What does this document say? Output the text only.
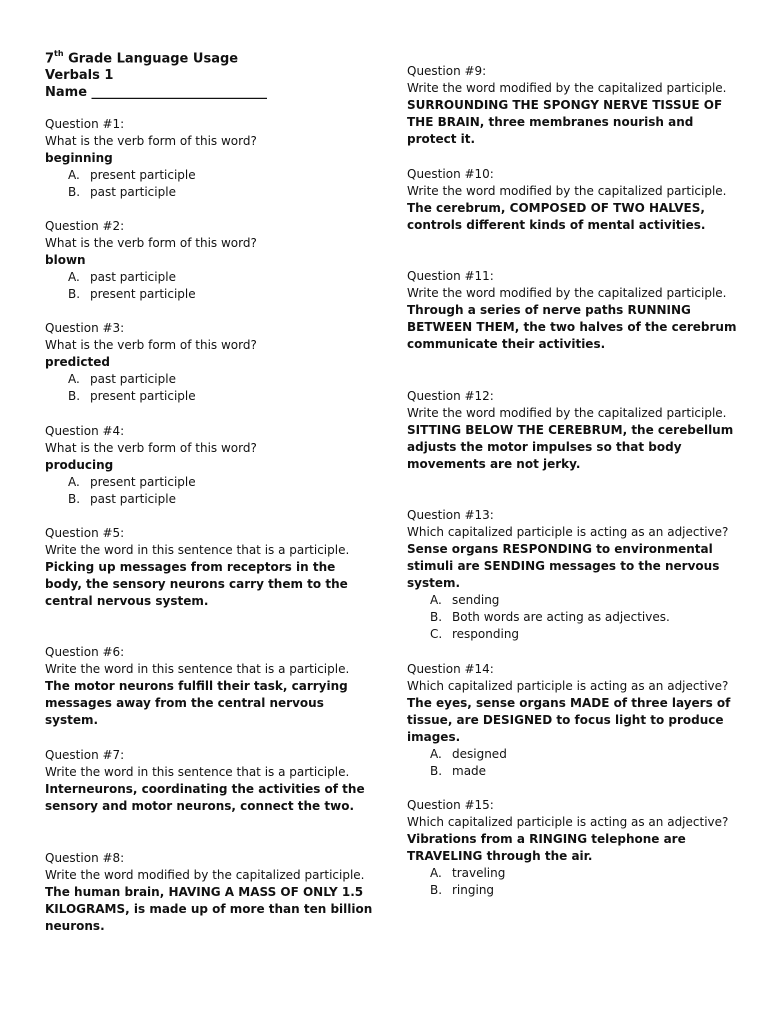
7th Grade Language Usage
Verbals 1
Name ___________________________
Question #1:
What is the verb form of this word?
beginning
A. present participle
B. past participle
Question #2:
What is the verb form of this word?
blown
A. past participle
B. present participle
Question #3:
What is the verb form of this word?
predicted
A. past participle
B. present participle
Question #4:
What is the verb form of this word?
producing
A. present participle
B. past participle
Question #5:
Write the word in this sentence that is a participle.
Picking up messages from receptors in the body, the sensory neurons carry them to the central nervous system.
Question #6:
Write the word in this sentence that is a participle.
The motor neurons fulfill their task, carrying messages away from the central nervous system.
Question #7:
Write the word in this sentence that is a participle.
Interneurons, coordinating the activities of the sensory and motor neurons, connect the two.
Question #8:
Write the word modified by the capitalized participle.
The human brain, HAVING A MASS OF ONLY 1.5 KILOGRAMS, is made up of more than ten billion neurons.
Question #9:
Write the word modified by the capitalized participle.
SURROUNDING THE SPONGY NERVE TISSUE OF THE BRAIN, three membranes nourish and protect it.
Question #10:
Write the word modified by the capitalized participle.
The cerebrum, COMPOSED OF TWO HALVES, controls different kinds of mental activities.
Question #11:
Write the word modified by the capitalized participle.
Through a series of nerve paths RUNNING BETWEEN THEM, the two halves of the cerebrum communicate their activities.
Question #12:
Write the word modified by the capitalized participle.
SITTING BELOW THE CEREBRUM, the cerebellum adjusts the motor impulses so that body movements are not jerky.
Question #13:
Which capitalized participle is acting as an adjective?
Sense organs RESPONDING to environmental stimuli are SENDING messages to the nervous system.
A. sending
B. Both words are acting as adjectives.
C. responding
Question #14:
Which capitalized participle is acting as an adjective?
The eyes, sense organs MADE of three layers of tissue, are DESIGNED to focus light to produce images.
A. designed
B. made
Question #15:
Which capitalized participle is acting as an adjective?
Vibrations from a RINGING telephone are TRAVELING through the air.
A. traveling
B. ringing
